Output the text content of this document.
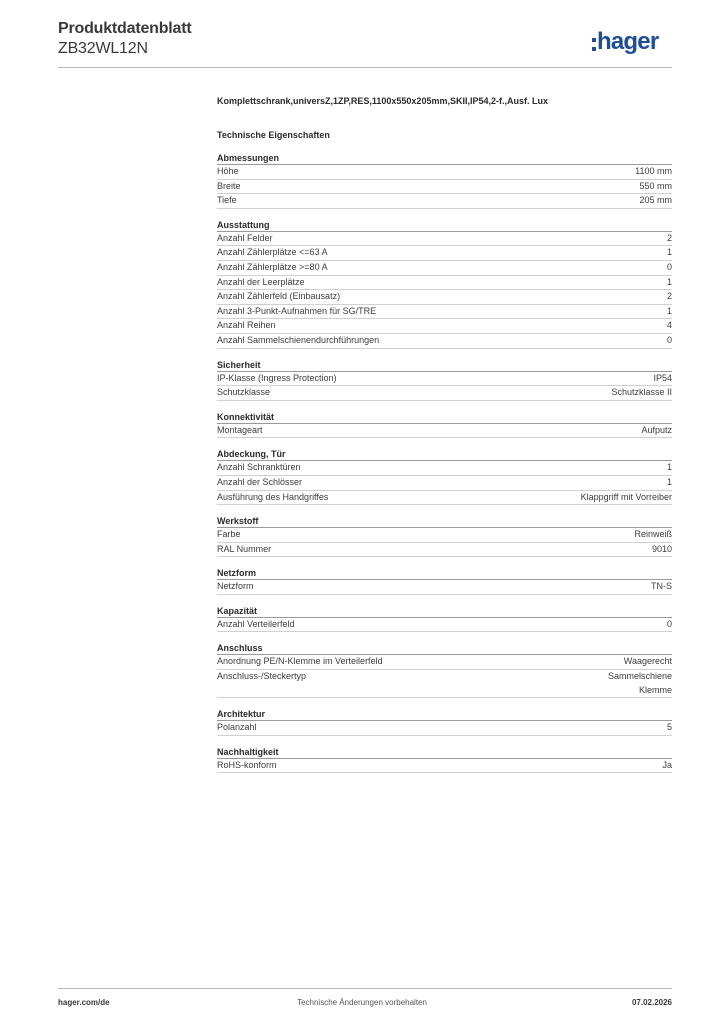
Produktdatenblatt
ZB32WL12N	hager
Komplettschrank,universZ,1ZP,RES,1100x550x205mm,SKII,IP54,2-f.,Ausf. Lux
Technische Eigenschaften
Abmessungen
Höhe	1100 mm
Breite	550 mm
Tiefe	205 mm
Ausstattung
Anzahl Felder	2
Anzahl Zählerplätze <=63 A	1
Anzahl Zählerplätze >=80 A	0
Anzahl der Leerplätze	1
Anzahl Zählerfeld (Einbausatz)	2
Anzahl 3-Punkt-Aufnahmen für SG/TRE	1
Anzahl Reihen	4
Anzahl Sammelschienendurchführungen	0
Sicherheit
IP-Klasse (Ingress Protection)	IP54
Schutzklasse	Schutzklasse II
Konnektivität
Montageart	Aufputz
Abdeckung, Tür
Anzahl Schranktüren	1
Anzahl der Schlösser	1
Ausführung des Handgriffes	Klappgriff mit Vorreiber
Werkstoff
Farbe	Reinweiß
RAL Nummer	9010
Netzform
Netzform	TN-S
Kapazität
Anzahl Verteilerfeld	0
Anschluss
Anordnung PE/N-Klemme im Verteilerfeld	Waagerecht
Anschluss-/Steckertyp	Sammelschiene
Klemme
Architektur
Polanzahl	5
Nachhaltigkeit
RoHS-konform	Ja
hager.com/de	Technische Änderungen vorbehalten	07.02.2026
